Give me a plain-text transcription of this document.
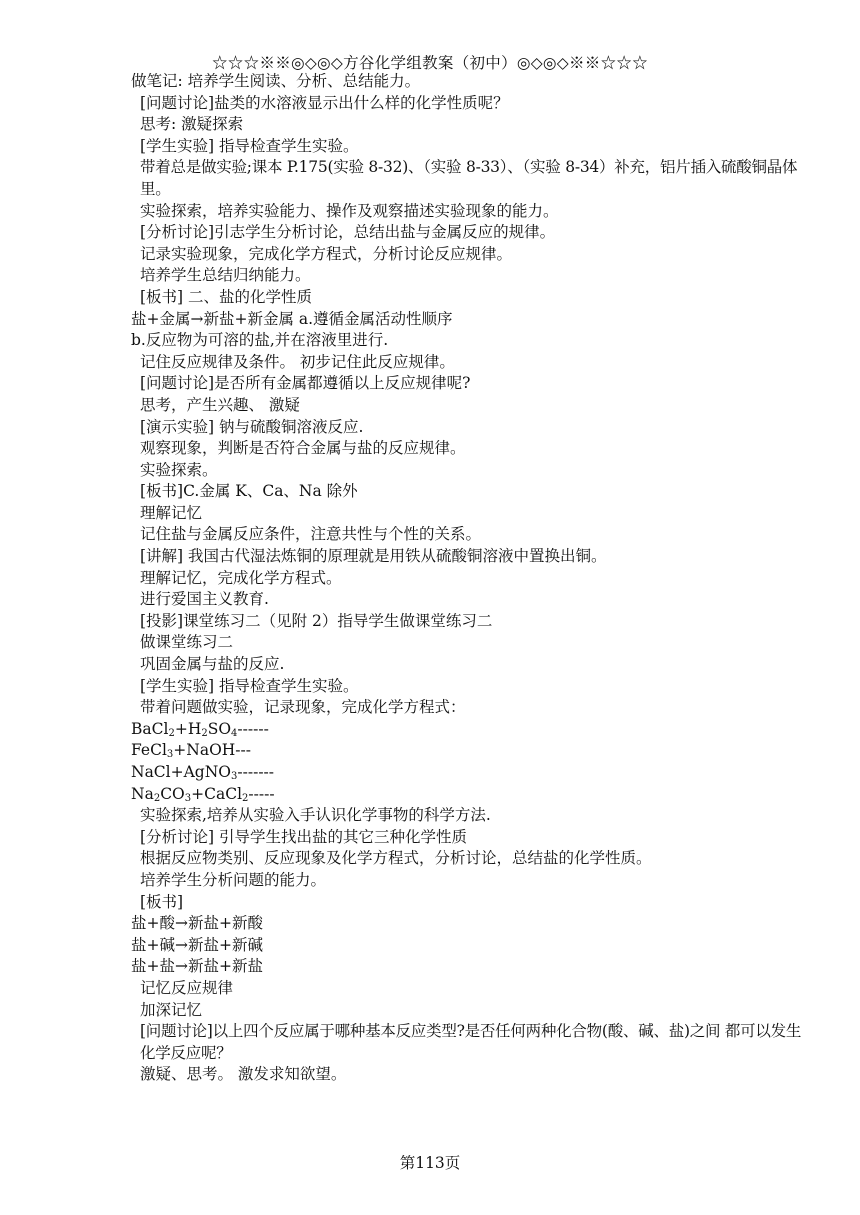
☆☆☆※※◎◇◎◇方谷化学组教案（初中）◎◇◎◇※※☆☆☆
做笔记: 培养学生阅读、分析、总结能力。
[问题讨论]盐类的水溶液显示出什么样的化学性质呢？
思考: 激疑探索
[学生实验] 指导检查学生实验。
带着总是做实验;课本 P.175(实验 8-32)、（实验 8-33）、（实验 8-34）补充，铝片插入硫酸铜晶体里。
实验探索，培养实验能力、操作及观察描述实验现象的能力。
[分析讨论]引志学生分析讨论，总结出盐与金属反应的规律。
记录实验现象，完成化学方程式，分析讨论反应规律。
培养学生总结归纳能力。
[板书] 二、盐的化学性质
盐+金属→新盐+新金属 a.遵循金属活动性顺序
b.反应物为可溶的盐,并在溶液里进行.
记住反应规律及条件。 初步记住此反应规律。
[问题讨论]是否所有金属都遵循以上反应规律呢?
思考，产生兴趣、 激疑
[演示实验] 钠与硫酸铜溶液反应.
观察现象，判断是否符合金属与盐的反应规律。
实验探索。
[板书]C.金属 K、Ca、Na 除外
理解记忆
记住盐与金属反应条件，注意共性与个性的关系。
[讲解] 我国古代湿法炼铜的原理就是用铁从硫酸铜溶液中置换出铜。
理解记忆，完成化学方程式。
进行爱国主义教育.
[投影]课堂练习二（见附 2）指导学生做课堂练习二
做课堂练习二
巩固金属与盐的反应.
[学生实验] 指导检查学生实验。
带着问题做实验，记录现象，完成化学方程式：
$BaCl_2+H_2SO_4------$
FeCl$_3$+NaOH---
NaCl+AgNO$_3$-------
$Na_2CO_3+CaCl_2-----$
实验探索,培养从实验入手认识化学事物的科学方法.
[分析讨论] 引导学生找出盐的其它三种化学性质
根据反应物类别、反应现象及化学方程式，分析讨论，总结盐的化学性质。
培养学生分析问题的能力。
[板书]
盐+酸→新盐+新酸
盐+碱→新盐+新碱
盐+盐→新盐+新盐
记忆反应规律
加深记忆
[问题讨论]以上四个反应属于哪种基本反应类型?是否任何两种化合物(酸、碱、盐)之间 都可以发生化学反应呢？
激疑、思考。 激发求知欲望。
第113页
